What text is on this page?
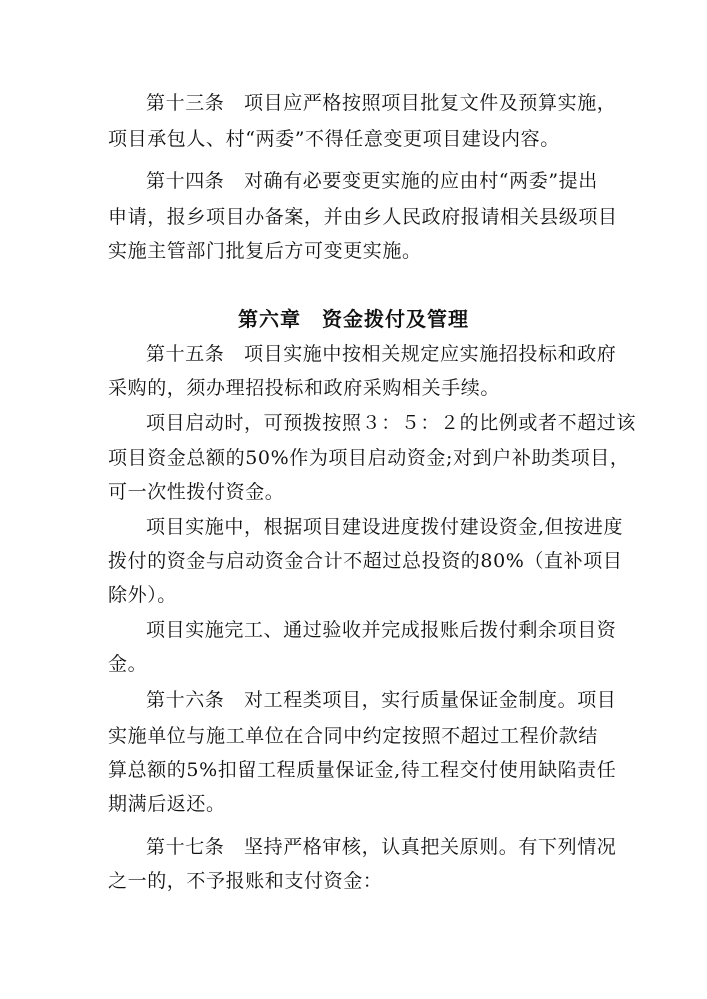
第十三条　项目应严格按照项目批复文件及预算实施，
项目承包人、村“两委”不得任意变更项目建设内容。
第十四条　对确有必要变更实施的应由村“两委”提出
申请，报乡项目办备案，并由乡人民政府报请相关县级项目
实施主管部门批复后方可变更实施。
第六章　资金拨付及管理
第十五条　项目实施中按相关规定应实施招投标和政府
采购的，须办理招投标和政府采购相关手续。
项目启动时，可预拨按照３：５：２的比例或者不超过该
项目资金总额的50%作为项目启动资金;对到户补助类项目，
可一次性拨付资金。
项目实施中，根据项目建设进度拨付建设资金,但按进度
拨付的资金与启动资金合计不超过总投资的80%（直补项目
除外）。
项目实施完工、通过验收并完成报账后拨付剩余项目资
金。
第十六条　对工程类项目，实行质量保证金制度。项目
实施单位与施工单位在合同中约定按照不超过工程价款结
算总额的5%扣留工程质量保证金,待工程交付使用缺陷责任
期满后返还。
第十七条　坚持严格审核，认真把关原则。有下列情况
之一的，不予报账和支付资金：
